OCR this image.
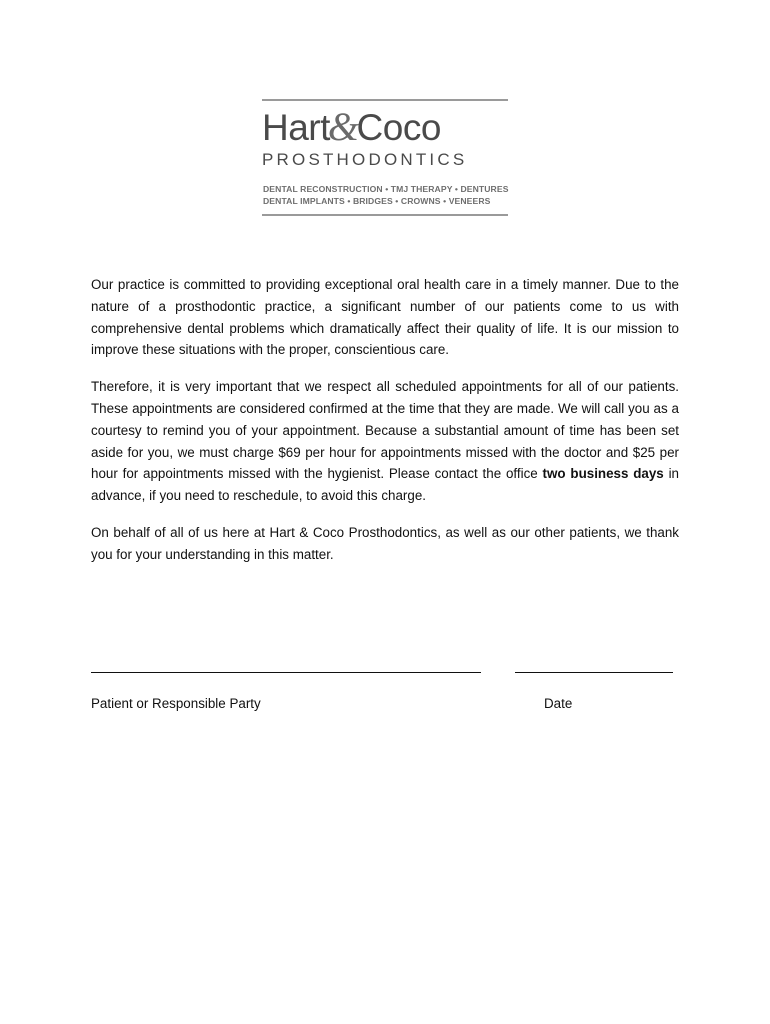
Hart&Coco
PROSTHODONTICS
DENTAL RECONSTRUCTION • TMJ THERAPY • DENTURES
DENTAL IMPLANTS • BRIDGES • CROWNS • VENEERS

Our practice is committed to providing exceptional oral health care in a timely manner. Due to the nature of a prosthodontic practice, a significant number of our patients come to us with comprehensive dental problems which dramatically affect their quality of life. It is our mission to improve these situations with the proper, conscientious care.

Therefore, it is very important that we respect all scheduled appointments for all of our patients. These appointments are considered confirmed at the time that they are made. We will call you as a courtesy to remind you of your appointment. Because a substantial amount of time has been set aside for you, we must charge $69 per hour for appointments missed with the doctor and $25 per hour for appointments missed with the hygienist. Please contact the office two business days in advance, if you need to reschedule, to avoid this charge.

On behalf of all of us here at Hart & Coco Prosthodontics, as well as our other patients, we thank you for your understanding in this matter.

Patient or Responsible Party	Date
